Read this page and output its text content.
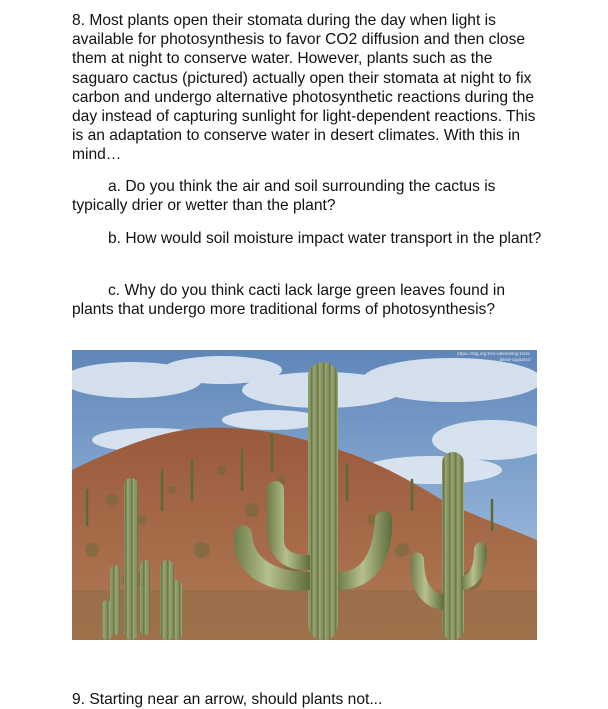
8. Most plants open their stomata during the day when light is available for photosynthesis to favor CO2 diffusion and then close them at night to conserve water. However, plants such as the saguaro cactus (pictured) actually open their stomata at night to fix carbon and undergo alternative photosynthetic reactions during the day instead of capturing sunlight for light-dependent reactions. This is an adaptation to conserve water in desert climates. With this in mind…

a. Do you think the air and soil surrounding the cactus is typically drier or wetter than the plant?

b. How would soil moisture impact water transport in the plant?

c. Why do you think cacti lack large green leaves found in plants that undergo more traditional forms of photosynthesis?

https://dbg.org/five-interesting-facts-
about-saguaros/

9. Starting near an arrow, should plants not...
